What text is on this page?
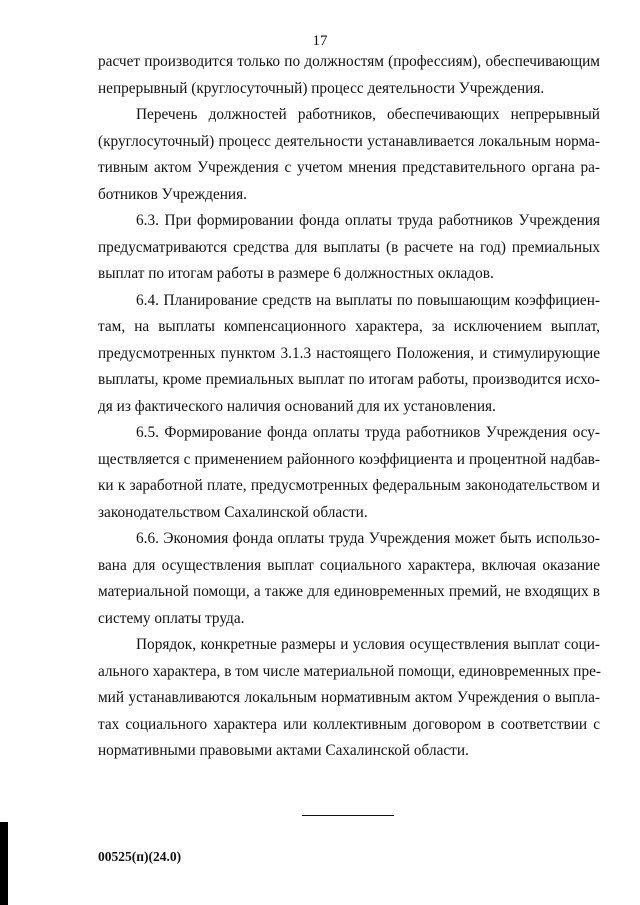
17
расчет производится только по должностям (профессиям), обеспечивающим
непрерывный (круглосуточный) процесс деятельности Учреждения.
Перечень должностей работников, обеспечивающих непрерывный
(круглосуточный) процесс деятельности устанавливается локальным норма-
тивным актом Учреждения с учетом мнения представительного органа ра-
ботников Учреждения.
6.3. При формировании фонда оплаты труда работников Учреждения
предусматриваются средства для выплаты (в расчете на год) премиальных
выплат по итогам работы в размере 6 должностных окладов.
6.4. Планирование средств на выплаты по повышающим коэффициен-
там, на выплаты компенсационного характера, за исключением выплат,
предусмотренных пунктом 3.1.3 настоящего Положения, и стимулирующие
выплаты, кроме премиальных выплат по итогам работы, производится исхо-
дя из фактического наличия оснований для их установления.
6.5. Формирование фонда оплаты труда работников Учреждения осу-
ществляется с применением районного коэффициента и процентной надбав-
ки к заработной плате, предусмотренных федеральным законодательством и
законодательством Сахалинской области.
6.6. Экономия фонда оплаты труда Учреждения может быть использо-
вана для осуществления выплат социального характера, включая оказание
материальной помощи, а также для единовременных премий, не входящих в
систему оплаты труда.
Порядок, конкретные размеры и условия осуществления выплат соци-
ального характера, в том числе материальной помощи, единовременных пре-
мий устанавливаются локальным нормативным актом Учреждения о выпла-
тах социального характера или коллективным договором в соответствии с
нормативными правовыми актами Сахалинской области.
00525(п)(24.0)
